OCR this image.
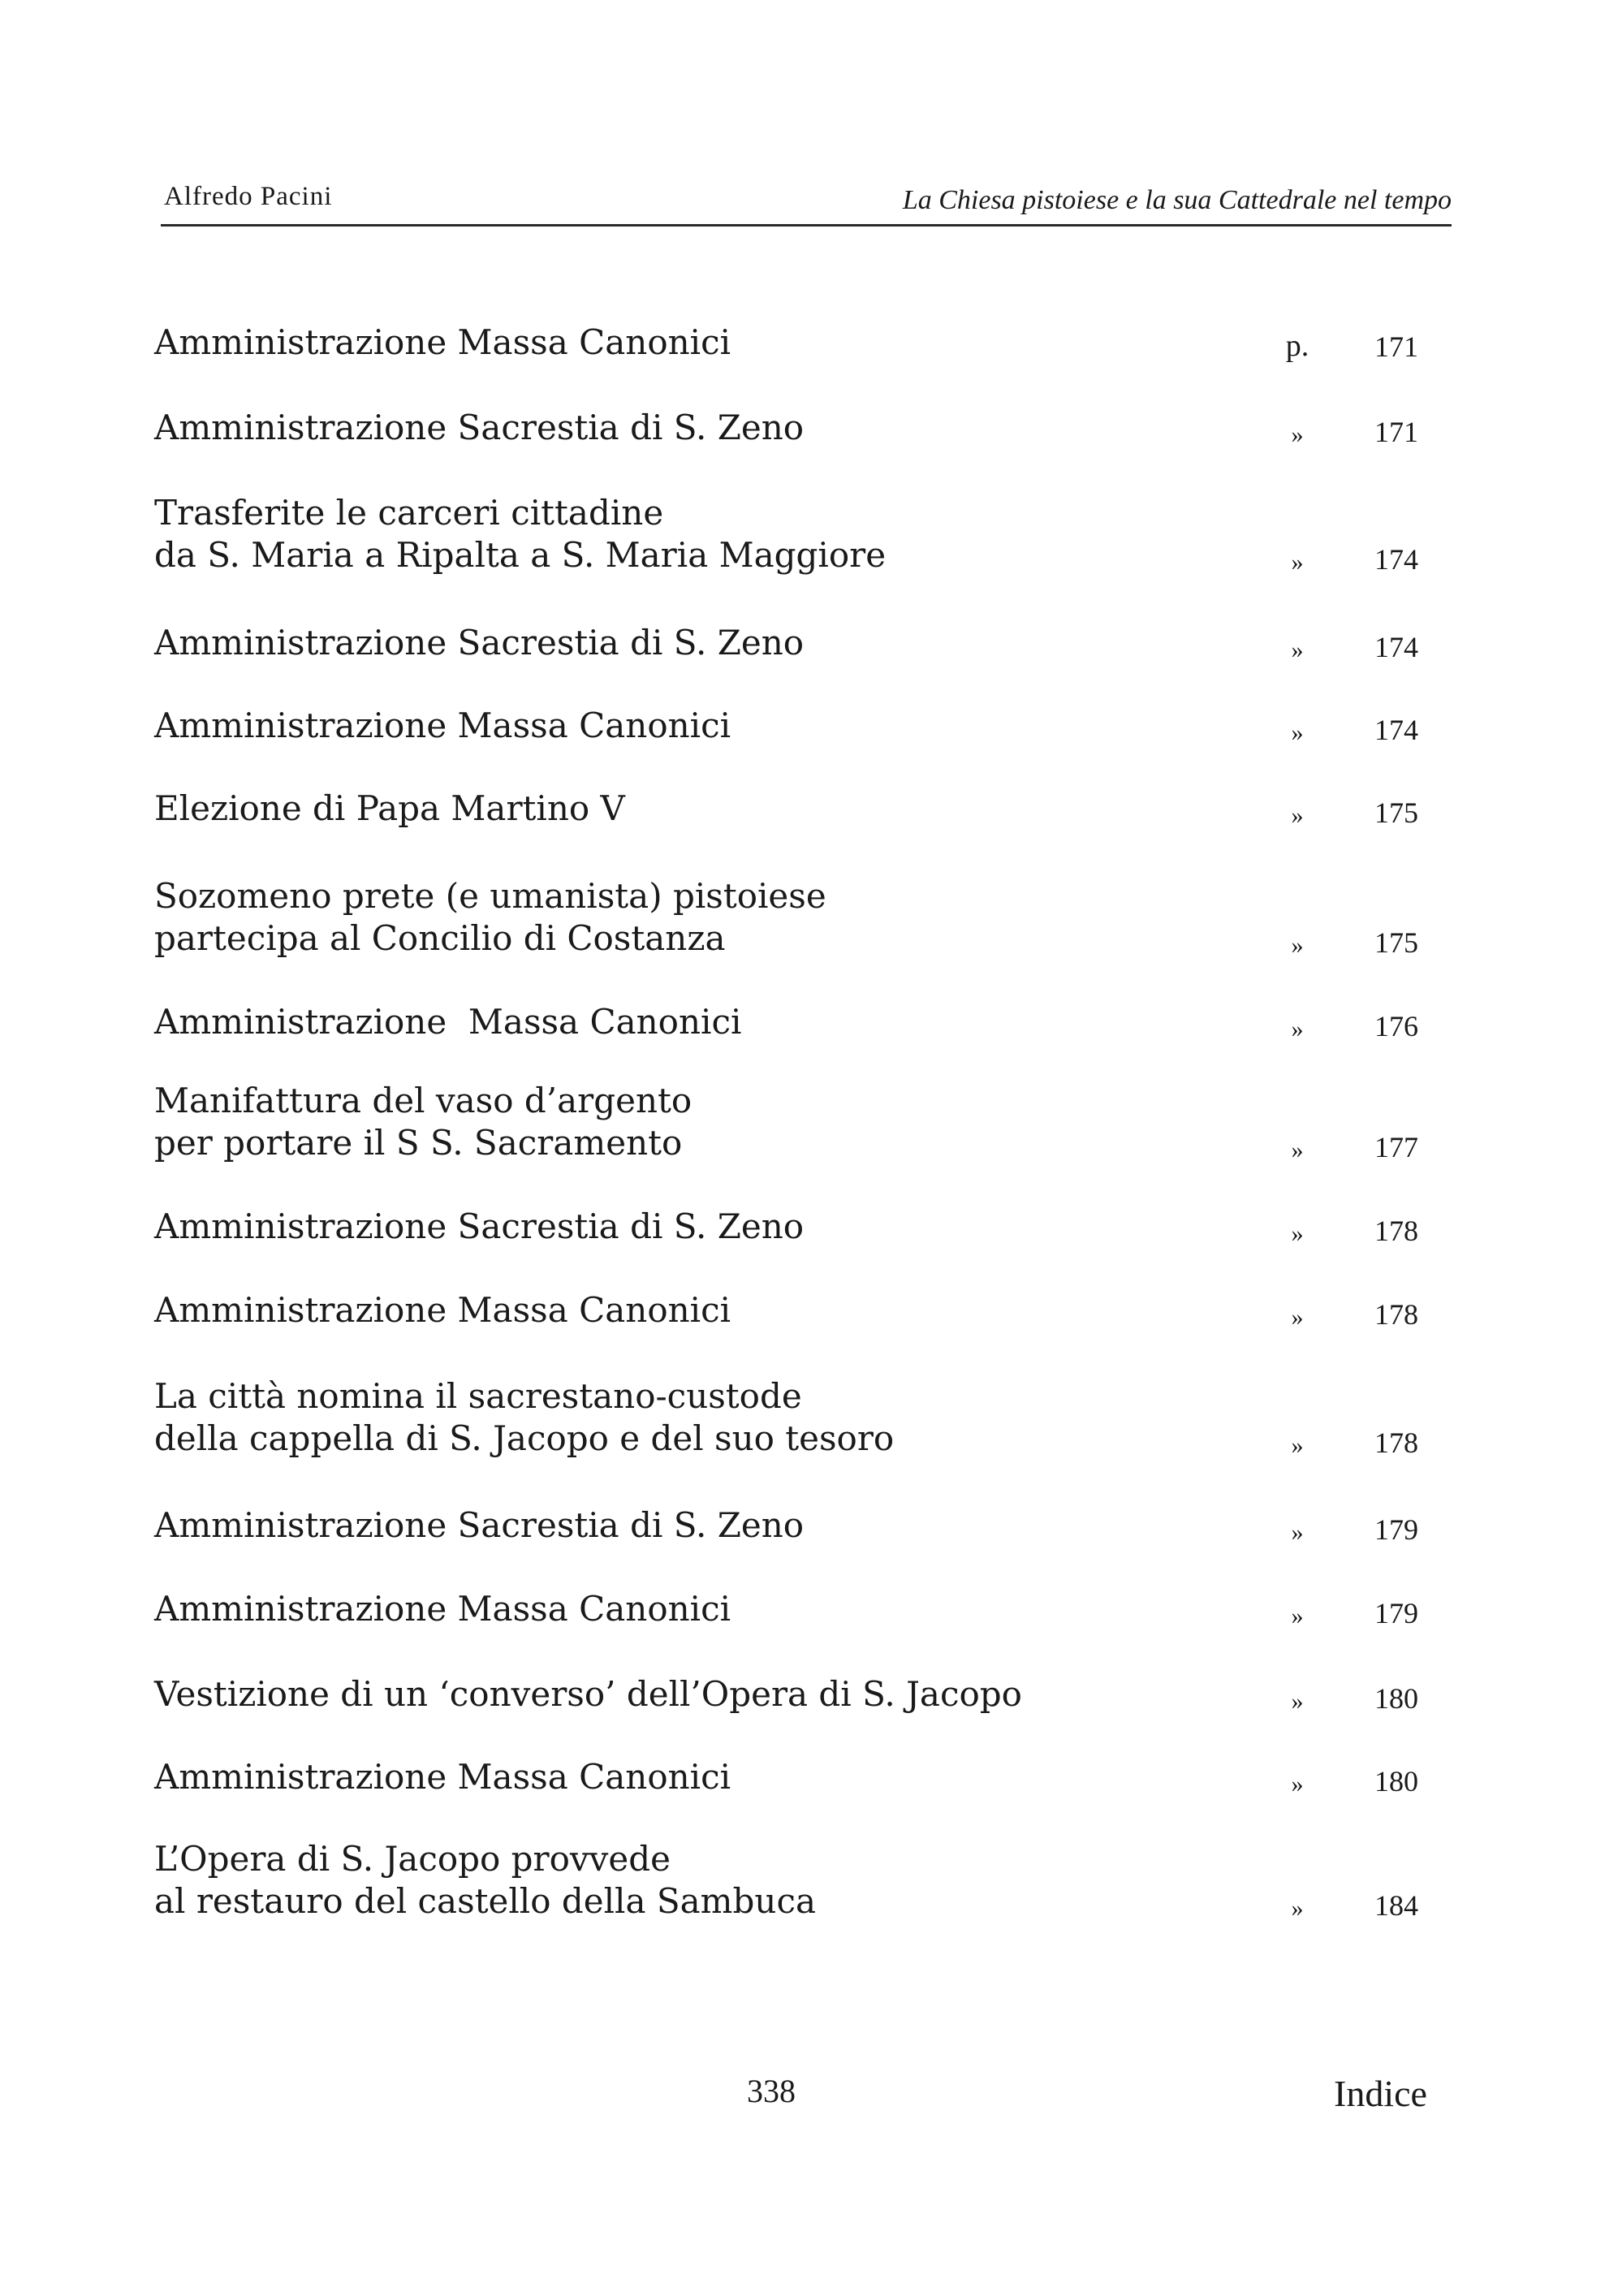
Alfredo Pacini	La Chiesa pistoiese e la sua Cattedrale nel tempo
Amministrazione Massa Canonici	p.	171
Amministrazione Sacrestia di S. Zeno	»	171
Trasferite le carceri cittadine
da S. Maria a Ripalta a S. Maria Maggiore	»	174
Amministrazione Sacrestia di S. Zeno	»	174
Amministrazione Massa Canonici	»	174
Elezione di Papa Martino V	»	175
Sozomeno prete (e umanista) pistoiese
partecipa al Concilio di Costanza	»	175
Amministrazione  Massa Canonici	»	176
Manifattura del vaso d’argento
per portare il S S. Sacramento	»	177
Amministrazione Sacrestia di S. Zeno	»	178
Amministrazione Massa Canonici	»	178
La città nomina il sacrestano-custode
della cappella di S. Jacopo e del suo tesoro	»	178
Amministrazione Sacrestia di S. Zeno	»	179
Amministrazione Massa Canonici	»	179
Vestizione di un ‘converso’ dell’Opera di S. Jacopo	»	180
Amministrazione Massa Canonici	»	180
L’Opera di S. Jacopo provvede
al restauro del castello della Sambuca	»	184
338	Indice
